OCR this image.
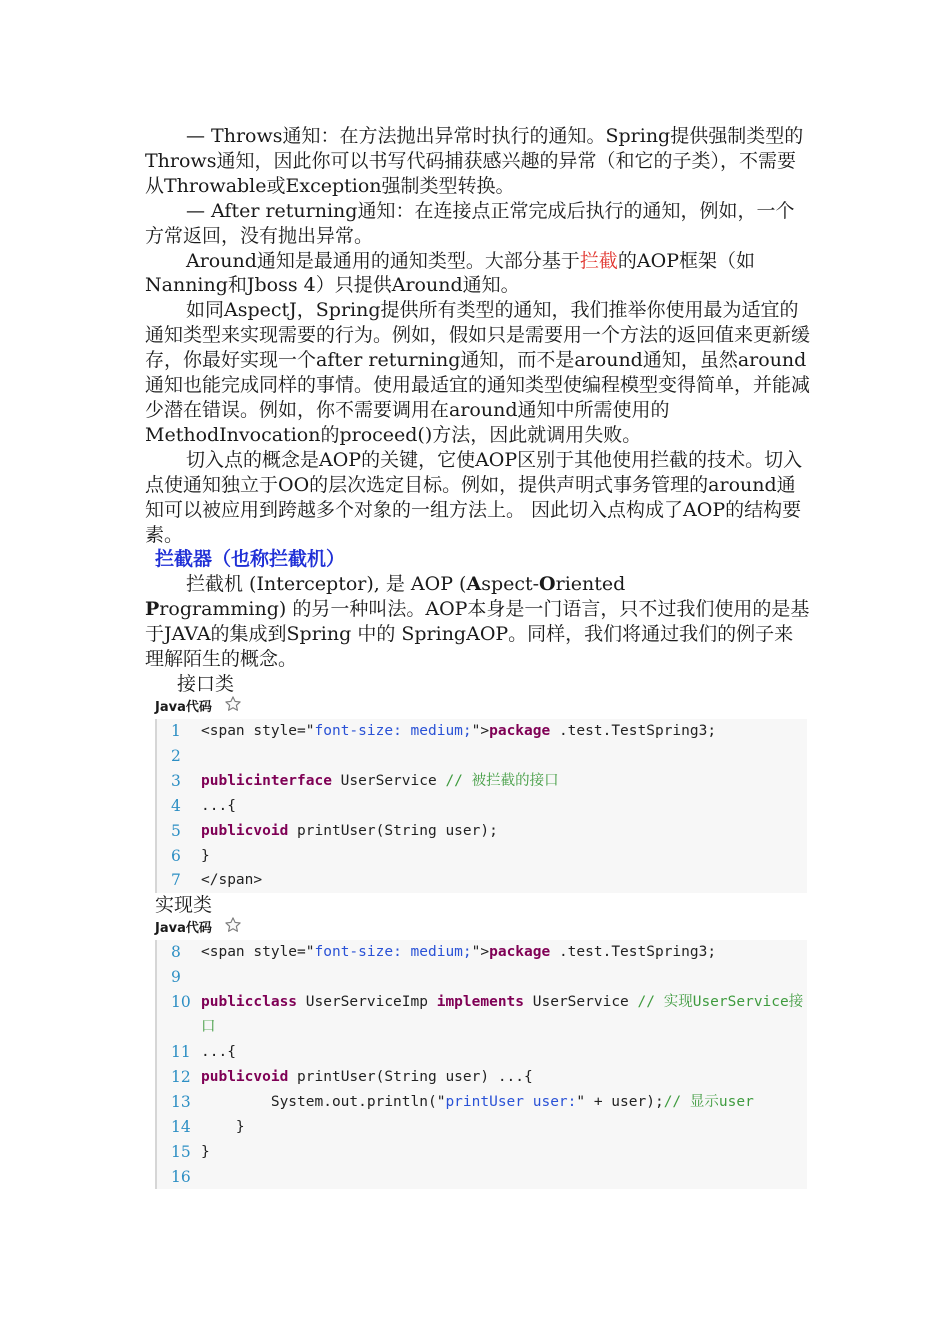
— Throws通知：在方法抛出异常时执行的通知。Spring提供强制类型的Throws通知，因此你可以书写代码捕获感兴趣的异常（和它的子类），不需要从Throwable或Exception强制类型转换。

— After returning通知：在连接点正常完成后执行的通知，例如，一个方常返回，没有抛出异常。

Around通知是最通用的通知类型。大部分基于拦截的AOP框架（如Nanning和Jboss 4）只提供Around通知。

如同AspectJ，Spring提供所有类型的通知，我们推举你使用最为适宜的通知类型来实现需要的行为。例如，假如只是需要用一个方法的返回值来更新缓存，你最好实现一个after returning通知，而不是around通知，虽然around通知也能完成同样的事情。使用最适宜的通知类型使编程模型变得简单，并能减少潜在错误。例如，你不需要调用在around通知中所需使用的MethodInvocation的proceed()方法，因此就调用失败。

切入点的概念是AOP的关键，它使AOP区别于其他使用拦截的技术。切入点使通知独立于OO的层次选定目标。例如，提供声明式事务管理的around通知可以被应用到跨越多个对象的一组方法上。 因此切入点构成了AOP的结构要素。

拦截器（也称拦截机）

拦截机 (Interceptor), 是 AOP (Aspect-Oriented

Programming) 的另一种叫法。AOP本身是一门语言，只不过我们使用的是基于JAVA的集成到Spring 中的 SpringAOP。同样，我们将通过我们的例子来理解陌生的概念。

接口类

Java代码
1	<span style="font-size: medium;">package .test.TestSpring3;
2
3	publicinterface UserService // 被拦截的接口
4	...{
5	publicvoid printUser(String user);
6	}
7	</span>

实现类

Java代码
8	<span style="font-size: medium;">package .test.TestSpring3;
9
10 publicclass UserServiceImp implements UserService // 实现UserService接口
11 ...{
12 publicvoid printUser(String user) ...{
13 System.out.println("printUser user:" + user);// 显示user
14 }
15 }
16
